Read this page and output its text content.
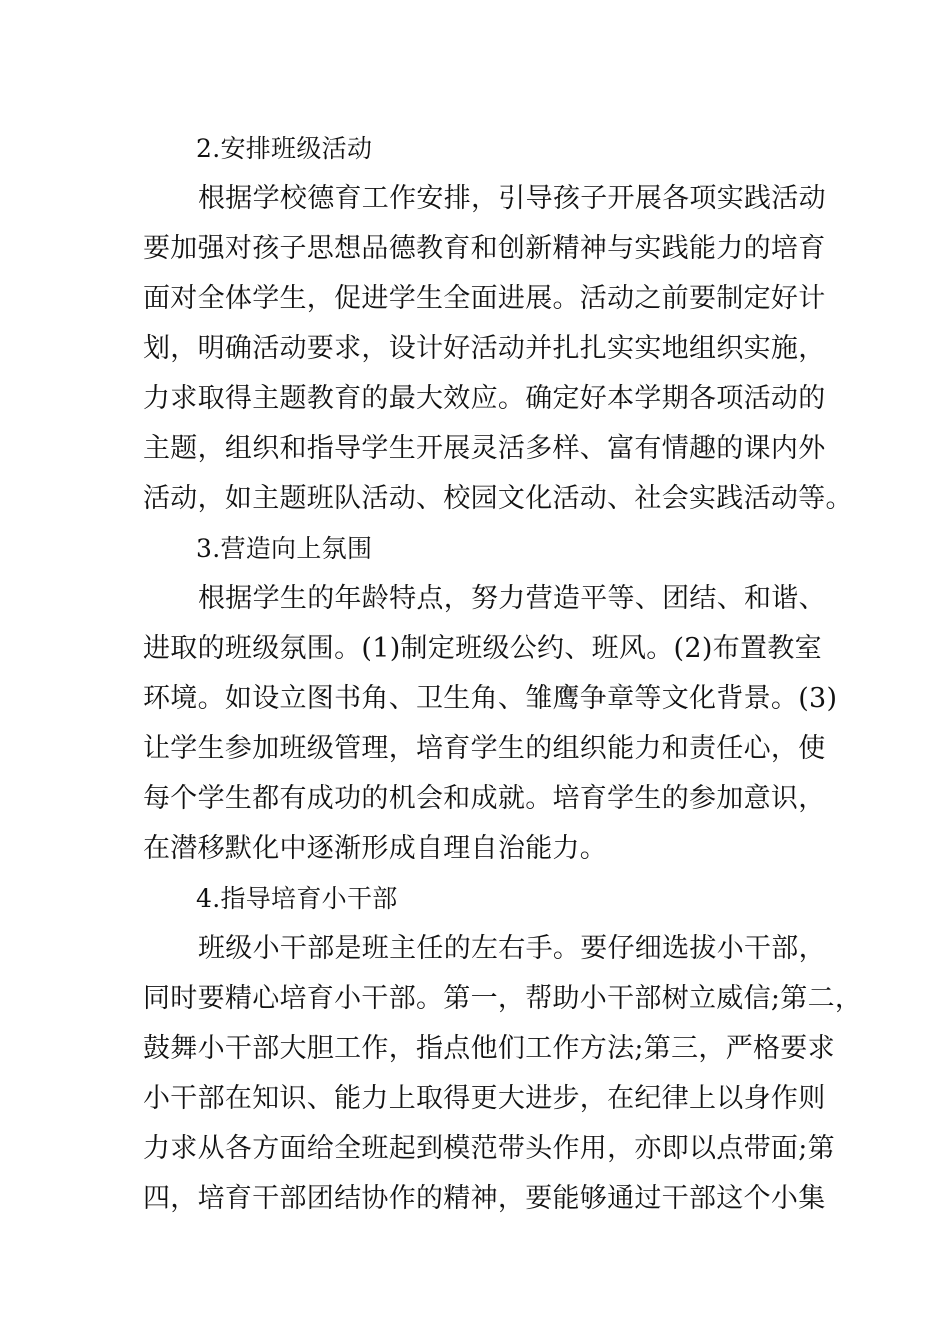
2.安排班级活动
根据学校德育工作安排，引导孩子开展各项实践活动
要加强对孩子思想品德教育和创新精神与实践能力的培育
面对全体学生，促进学生全面进展。活动之前要制定好计
划，明确活动要求，设计好活动并扎扎实实地组织实施，
力求取得主题教育的最大效应。确定好本学期各项活动的
主题，组织和指导学生开展灵活多样、富有情趣的课内外
活动，如主题班队活动、校园文化活动、社会实践活动等。
3.营造向上氛围
根据学生的年龄特点，努力营造平等、团结、和谐、
进取的班级氛围。(1)制定班级公约、班风。(2)布置教室
环境。如设立图书角、卫生角、雏鹰争章等文化背景。(3)
让学生参加班级管理，培育学生的组织能力和责任心，使
每个学生都有成功的机会和成就。培育学生的参加意识，
在潜移默化中逐渐形成自理自治能力。
4.指导培育小干部
班级小干部是班主任的左右手。要仔细选拔小干部，
同时要精心培育小干部。第一，帮助小干部树立威信;第二，
鼓舞小干部大胆工作，指点他们工作方法;第三，严格要求
小干部在知识、能力上取得更大进步，在纪律上以身作则
力求从各方面给全班起到模范带头作用，亦即以点带面;第
四，培育干部团结协作的精神，要能够通过干部这个小集
